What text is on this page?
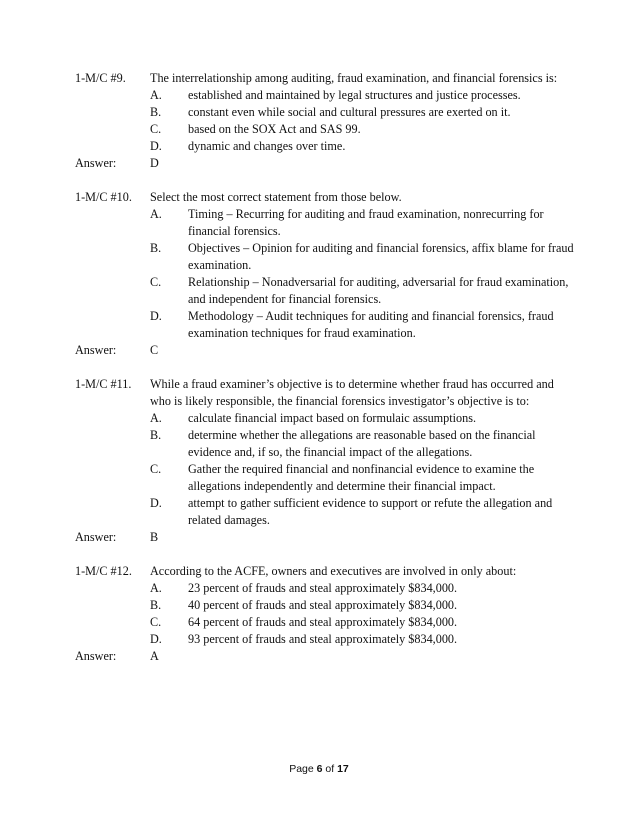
1-M/C #9.	The interrelationship among auditing, fraud examination, and financial forensics is:

A.	established and maintained by legal structures and justice processes.
B.	constant even while social and cultural pressures are exerted on it.
C.	based on the SOX Act and SAS 99.
D.	dynamic and changes over time.
Answer:	D
1-M/C #10.	Select the most correct statement from those below.

A.	Timing – Recurring for auditing and fraud examination, nonrecurring for financial forensics.
B.	Objectives – Opinion for auditing and financial forensics, affix blame for fraud examination.
C.	Relationship – Nonadversarial for auditing, adversarial for fraud examination, and independent for financial forensics.
D.	Methodology – Audit techniques for auditing and financial forensics, fraud examination techniques for fraud examination.
Answer:	C
1-M/C #11.	While a fraud examiner’s objective is to determine whether fraud has occurred and who is likely responsible, the financial forensics investigator’s objective is to:

A.	calculate financial impact based on formulaic assumptions.
B.	determine whether the allegations are reasonable based on the financial evidence and, if so, the financial impact of the allegations.
C.	Gather the required financial and nonfinancial evidence to examine the allegations independently and determine their financial impact.
D.	attempt to gather sufficient evidence to support or refute the allegation and related damages.
Answer:	B
1-M/C #12.	According to the ACFE, owners and executives are involved in only about:

A.	23 percent of frauds and steal approximately $834,000.
B.	40 percent of frauds and steal approximately $834,000.
C.	64 percent of frauds and steal approximately $834,000.
D.	93 percent of frauds and steal approximately $834,000.
Answer:	A
Page 6 of 17
